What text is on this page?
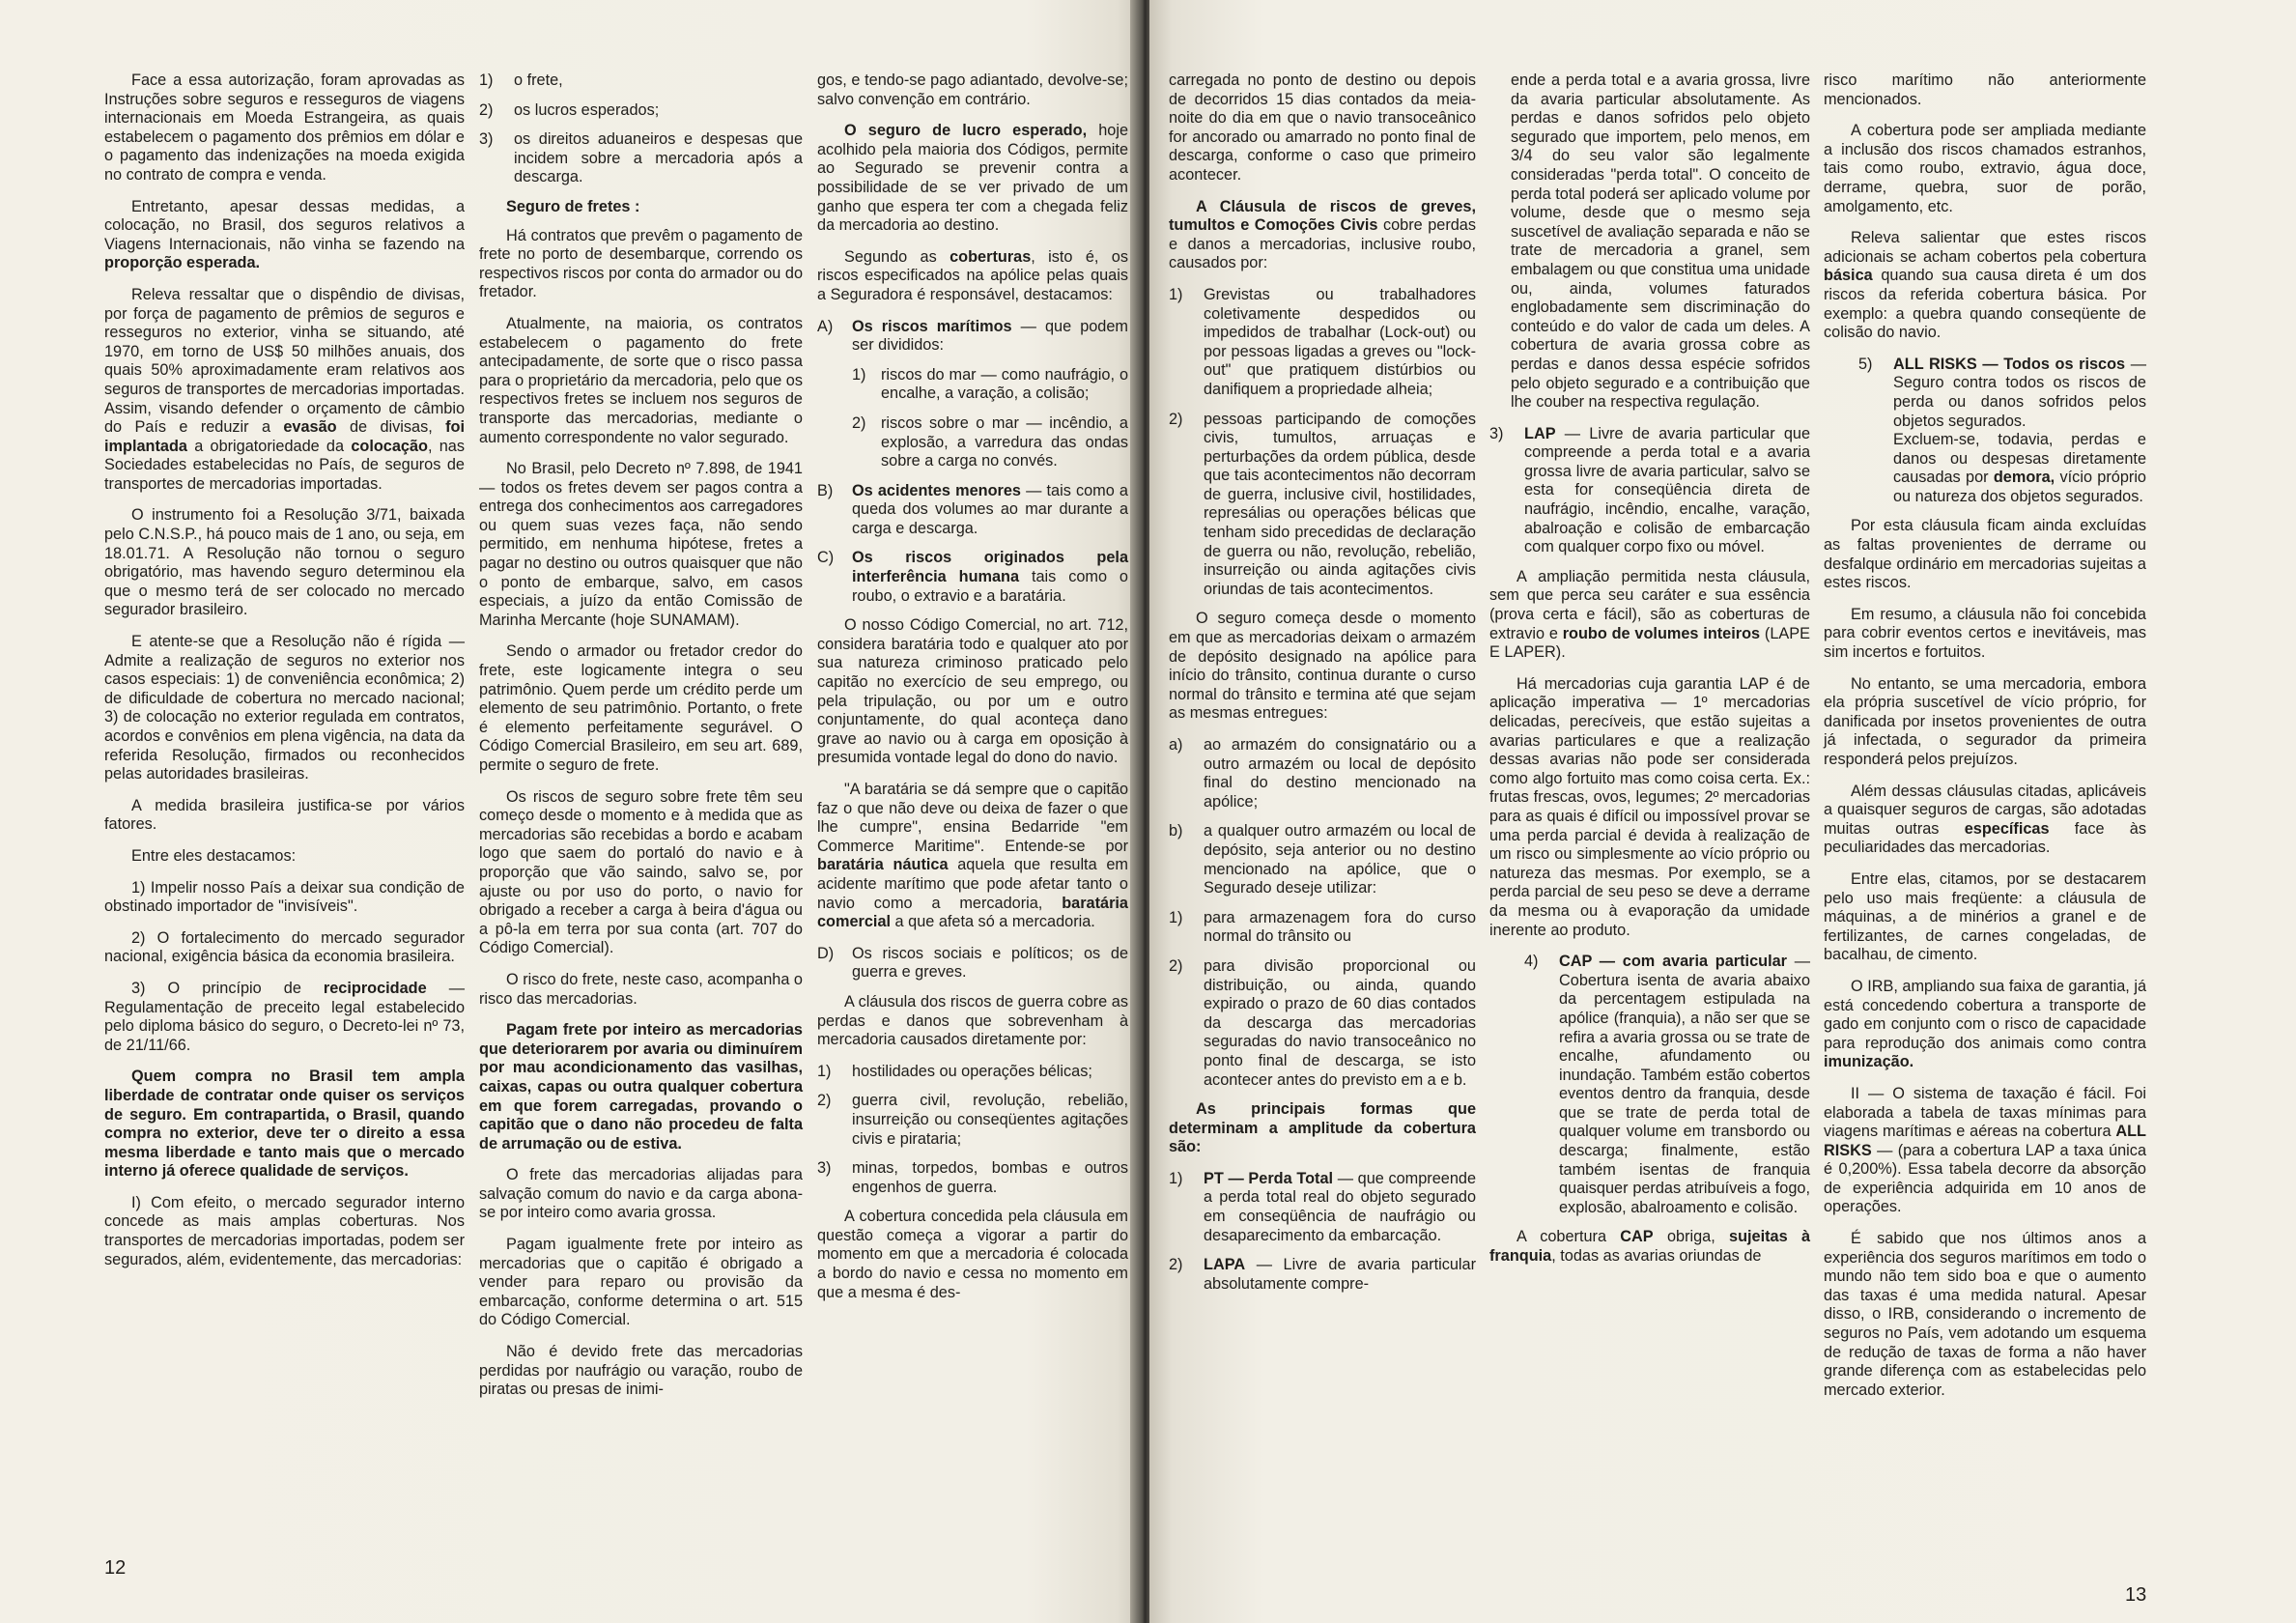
Face a essa autorização, foram aprovadas as Instruções sobre seguros e resseguros de viagens internacionais em Moeda Estrangeira, as quais estabelecem o pagamento dos prêmios em dólar e o pagamento das indenizações na moeda exigida no contrato de compra e venda.

Entretanto, apesar dessas medidas, a colocação, no Brasil, dos seguros relativos a Viagens Internacionais, não vinha se fazendo na proporção esperada.

Releva ressaltar que o dispêndio de divisas, por força de pagamento de prêmios de seguros e resseguros no exterior, vinha se situando, até 1970, em torno de US$ 50 milhões anuais, dos quais 50% aproximadamente eram relativos aos seguros de transportes de mercadorias importadas. Assim, visando defender o orçamento de câmbio do País e reduzir a evasão de divisas, foi implantada a obrigatoriedade da colocação, nas Sociedades estabelecidas no País, de seguros de transportes de mercadorias importadas.

O instrumento foi a Resolução 3/71, baixada pelo C.N.S.P., há pouco mais de 1 ano, ou seja, em 18.01.71. A Resolução não tornou o seguro obrigatório, mas havendo seguro determinou ela que o mesmo terá de ser colocado no mercado segurador brasileiro.

E atente-se que a Resolução não é rígida — Admite a realização de seguros no exterior nos casos especiais: 1) de conveniência econômica; 2) de dificuldade de cobertura no mercado nacional; 3) de colocação no exterior regulada em contratos, acordos e convênios em plena vigência, na data da referida Resolução, firmados ou reconhecidos pelas autoridades brasileiras.

A medida brasileira justifica-se por vários fatores.

Entre eles destacamos:

1) Impelir nosso País a deixar sua condição de obstinado importador de "invisíveis".

2) O fortalecimento do mercado segurador nacional, exigência básica da economia brasileira.

3) O princípio de reciprocidade — Regulamentação de preceito legal estabelecido pelo diploma básico do seguro, o Decreto-lei nº 73, de 21/11/66.

Quem compra no Brasil tem ampla liberdade de contratar onde quiser os serviços de seguro. Em contrapartida, o Brasil, quando compra no exterior, deve ter o direito a essa mesma liberdade e tanto mais que o mercado interno já oferece qualidade de serviços.

I) Com efeito, o mercado segurador interno concede as mais amplas coberturas. Nos transportes de mercadorias importadas, podem ser segurados, além, evidentemente, das mercadorias:

1)	o frete,
2)	os lucros esperados;
3)	os direitos aduaneiros e despesas que incidem sobre a mercadoria após a descarga.
Seguro de fretes :

Há contratos que prevêm o pagamento de frete no porto de desembarque, correndo os respectivos riscos por conta do armador ou do fretador.

Atualmente, na maioria, os contratos estabelecem o pagamento do frete antecipadamente, de sorte que o risco passa para o proprietário da mercadoria, pelo que os respectivos fretes se incluem nos seguros de transporte das mercadorias, mediante o aumento correspondente no valor segurado.

No Brasil, pelo Decreto nº 7.898, de 1941 — todos os fretes devem ser pagos contra a entrega dos conhecimentos aos carregadores ou quem suas vezes faça, não sendo permitido, em nenhuma hipótese, fretes a pagar no destino ou outros quaisquer que não o ponto de embarque, salvo, em casos especiais, a juízo da então Comissão de Marinha Mercante (hoje SUNAMAM).

Sendo o armador ou fretador credor do frete, este logicamente integra o seu patrimônio. Quem perde um crédito perde um elemento de seu patrimônio. Portanto, o frete é elemento perfeitamente segurável. O Código Comercial Brasileiro, em seu art. 689, permite o seguro de frete.

Os riscos de seguro sobre frete têm seu começo desde o momento e à medida que as mercadorias são recebidas a bordo e acabam logo que saem do portaló do navio e à proporção que vão saindo, salvo se, por ajuste ou por uso do porto, o navio for obrigado a receber a carga à beira d'água ou a pô-la em terra por sua conta (art. 707 do Código Comercial).

O risco do frete, neste caso, acompanha o risco das mercadorias.

Pagam frete por inteiro as mercadorias que deteriorarem por avaria ou diminuírem por mau acondicionamento das vasilhas, caixas, capas ou outra qualquer cobertura em que forem carregadas, provando o capitão que o dano não procedeu de falta de arrumação ou de estiva.

O frete das mercadorias alijadas para salvação comum do navio e da carga abona-se por inteiro como avaria grossa.

Pagam igualmente frete por inteiro as mercadorias que o capitão é obrigado a vender para reparo ou provisão da embarcação, conforme determina o art. 515 do Código Comercial.

Não é devido frete das mercadorias perdidas por naufrágio ou varação, roubo de piratas ou presas de inimi-

gos, e tendo-se pago adiantado, devolve-se; salvo convenção em contrário.

O seguro de lucro esperado, hoje acolhido pela maioria dos Códigos, permite ao Segurado se prevenir contra a possibilidade de se ver privado de um ganho que espera ter com a chegada feliz da mercadoria ao destino.

Segundo as coberturas, isto é, os riscos especificados na apólice pelas quais a Seguradora é responsável, destacamos:

A)	Os riscos marítimos — que podem ser divididos:
1) riscos do mar — como naufrágio, o encalhe, a varação, a colisão;
2) riscos sobre o mar — incêndio, a explosão, a varredura das ondas sobre a carga no convés.
B)	Os acidentes menores — tais como a queda dos volumes ao mar durante a carga e descarga.
C)	Os riscos originados pela interferência humana tais como o roubo, o extravio e a baratária.

O nosso Código Comercial, no art. 712, considera baratária todo e qualquer ato por sua natureza criminoso praticado pelo capitão no exercício de seu emprego, ou pela tripulação, ou por um e outro conjuntamente, do qual aconteça dano grave ao navio ou à carga em oposição à presumida vontade legal do dono do navio.

"A baratária se dá sempre que o capitão faz o que não deve ou deixa de fazer o que lhe cumpre", ensina Bedarride "em Commerce Maritime". Entende-se por baratária náutica aquela que resulta em acidente marítimo que pode afetar tanto o navio como a mercadoria, baratária comercial a que afeta só a mercadoria.

D)	Os riscos sociais e políticos; os de guerra e greves.

A cláusula dos riscos de guerra cobre as perdas e danos que sobrevenham à mercadoria causados diretamente por:

1)	hostilidades ou operações bélicas;
2)	guerra civil, revolução, rebelião, insurreição ou conseqüentes agitações civis e pirataria;
3)	minas, torpedos, bombas e outros engenhos de guerra.

A cobertura concedida pela cláusula em questão começa a vigorar a partir do momento em que a mercadoria é colocada a bordo do navio e cessa no momento em que a mesma é des-

12

carregada no ponto de destino ou depois de decorridos 15 dias contados da meia-noite do dia em que o navio transoceânico for ancorado ou amarrado no ponto final de descarga, conforme o caso que primeiro acontecer.

A Cláusula de riscos de greves, tumultos e Comoções Civis cobre perdas e danos a mercadorias, inclusive roubo, causados por:

1)	Grevistas ou trabalhadores coletivamente despedidos ou impedidos de trabalhar (Lock-out) ou por pessoas ligadas a greves ou "lock-out" que pratiquem distúrbios ou danifiquem a propriedade alheia;
2)	pessoas participando de comoções civis, tumultos, arruaças e perturbações da ordem pública, desde que tais acontecimentos não decorram de guerra, inclusive civil, hostilidades, represálias ou operações bélicas que tenham sido precedidas de declaração de guerra ou não, revolução, rebelião, insurreição ou ainda agitações civis oriundas de tais acontecimentos.

O seguro começa desde o momento em que as mercadorias deixam o armazém de depósito designado na apólice para início do trânsito, continua durante o curso normal do trânsito e termina até que sejam as mesmas entregues:

a)	ao armazém do consignatário ou a outro armazém ou local de depósito final do destino mencionado na apólice;
b)	a qualquer outro armazém ou local de depósito, seja anterior ou no destino mencionado na apólice, que o Segurado deseje utilizar:
1)	para armazenagem fora do curso normal do trânsito ou
2)	para divisão proporcional ou distribuição, ou ainda, quando expirado o prazo de 60 dias contados da descarga das mercadorias seguradas do navio transoceânico no ponto final de descarga, se isto acontecer antes do previsto em a e b.

As principais formas que determinam a amplitude da cobertura são:

1)	PT — Perda Total — que compreende a perda total real do objeto segurado em conseqüência de naufrágio ou desaparecimento da embarcação.
2)	LAPA — Livre de avaria particular absolutamente compre-

ende a perda total e a avaria grossa, livre da avaria particular absolutamente. As perdas e danos sofridos pelo objeto segurado que importem, pelo menos, em 3/4 do seu valor são legalmente consideradas "perda total". O conceito de perda total poderá ser aplicado volume por volume, desde que o mesmo seja suscetível de avaliação separada e não se trate de mercadoria a granel, sem embalagem ou que constitua uma unidade ou, ainda, volumes faturados englobadamente sem discriminação do conteúdo e do valor de cada um deles. A cobertura de avaria grossa cobre as perdas e danos dessa espécie sofridos pelo objeto segurado e a contribuição que lhe couber na respectiva regulação.

3)	LAP — Livre de avaria particular que compreende a perda total e a avaria grossa livre de avaria particular, salvo se esta for conseqüência direta de naufrágio, incêndio, encalhe, varação, abalroação e colisão de embarcação com qualquer corpo fixo ou móvel.

A ampliação permitida nesta cláusula, sem que perca seu caráter e sua essência (prova certa e fácil), são as coberturas de extravio e roubo de volumes inteiros (LAPE E LAPER).

Há mercadorias cuja garantia LAP é de aplicação imperativa — 1º mercadorias delicadas, perecíveis, que estão sujeitas a avarias particulares e que a realização dessas avarias não pode ser considerada como algo fortuito mas como coisa certa. Ex.: frutas frescas, ovos, legumes; 2º mercadorias para as quais é difícil ou impossível provar se uma perda parcial é devida à realização de um risco ou simplesmente ao vício próprio ou natureza das mesmas. Por exemplo, se a perda parcial de seu peso se deve a derrame da mesma ou à evaporação da umidade inerente ao produto.

4)	CAP — com avaria particular — Cobertura isenta de avaria abaixo da percentagem estipulada na apólice (franquia), a não ser que se refira a avaria grossa ou se trate de encalhe, afundamento ou inundação. Também estão cobertos eventos dentro da franquia, desde que se trate de perda total de qualquer volume em transbordo ou descarga; finalmente, estão também isentas de franquia quaisquer perdas atribuíveis a fogo, explosão, abalroamento e colisão.

A cobertura CAP obriga, sujeitas à franquia, todas as avarias oriundas de

risco marítimo não anteriormente mencionados.

A cobertura pode ser ampliada mediante a inclusão dos riscos chamados estranhos, tais como roubo, extravio, água doce, derrame, quebra, suor de porão, amolgamento, etc.

Releva salientar que estes riscos adicionais se acham cobertos pela cobertura básica quando sua causa direta é um dos riscos da referida cobertura básica. Por exemplo: a quebra quando conseqüente de colisão do navio.

5)	ALL RISKS — Todos os riscos — Seguro contra todos os riscos de perda ou danos sofridos pelos objetos segurados.
Excluem-se, todavia, perdas e danos ou despesas diretamente causadas por demora, vício próprio ou natureza dos objetos segurados.

Por esta cláusula ficam ainda excluídas as faltas provenientes de derrame ou desfalque ordinário em mercadorias sujeitas a estes riscos.

Em resumo, a cláusula não foi concebida para cobrir eventos certos e inevitáveis, mas sim incertos e fortuitos.

No entanto, se uma mercadoria, embora ela própria suscetível de vício próprio, for danificada por insetos provenientes de outra já infectada, o segurador da primeira responderá pelos prejuízos.

Além dessas cláusulas citadas, aplicáveis a quaisquer seguros de cargas, são adotadas muitas outras específicas face às peculiaridades das mercadorias.

Entre elas, citamos, por se destacarem pelo uso mais freqüente: a cláusula de máquinas, a de minérios a granel e de fertilizantes, de carnes congeladas, de bacalhau, de cimento.

O IRB, ampliando sua faixa de garantia, já está concedendo cobertura a transporte de gado em conjunto com o risco de capacidade para reprodução dos animais como contra imunização.

II — O sistema de taxação é fácil. Foi elaborada a tabela de taxas mínimas para viagens marítimas e aéreas na cobertura ALL RISKS — (para a cobertura LAP a taxa única é 0,200%). Essa tabela decorre da absorção de experiência adquirida em 10 anos de operações.

É sabido que nos últimos anos a experiência dos seguros marítimos em todo o mundo não tem sido boa e que o aumento das taxas é uma medida natural. Apesar disso, o IRB, considerando o incremento de seguros no País, vem adotando um esquema de redução de taxas de forma a não haver grande diferença com as estabelecidas pelo mercado exterior.

13
